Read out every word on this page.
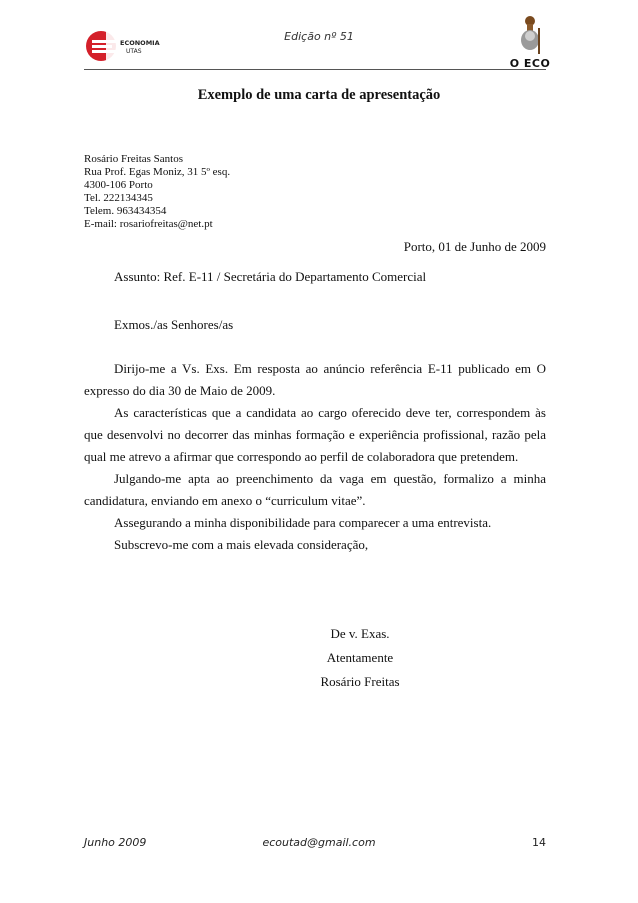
ECONOMIA
UTAS
Edição nº 51
O ECO
Exemplo de uma carta de apresentação
Rosário Freitas Santos
Rua Prof. Egas Moniz, 31 5º esq.
4300-106 Porto
Tel. 222134345
Telem. 963434354
E-mail: rosariofreitas@net.pt
Porto, 01 de Junho de 2009
Assunto: Ref. E-11 / Secretária do Departamento Comercial
Exmos./as Senhores/as
Dirijo-me a Vs. Exs. Em resposta ao anúncio referência E-11 publicado em O expresso do dia 30 de Maio de 2009.
As características que a candidata ao cargo oferecido deve ter, correspondem às que desenvolvi no decorrer das minhas formação e experiência profissional, razão pela qual me atrevo a afirmar que correspondo ao perfil de colaboradora que pretendem.
Julgando-me apta ao preenchimento da vaga em questão, formalizo a minha candidatura, enviando em anexo o “curriculum vitae”.
Assegurando a minha disponibilidade para comparecer a uma entrevista.
Subscrevo-me com a mais elevada consideração,
De v. Exas.
Atentamente
Rosário Freitas
Junho 2009	ecoutad@gmail.com	14
